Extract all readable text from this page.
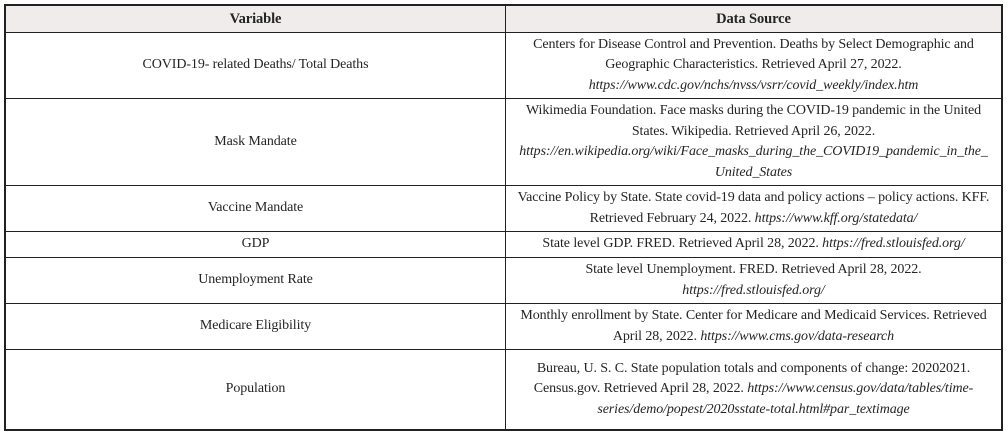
Variable	Data Source
COVID-19- related Deaths/ Total Deaths	Centers for Disease Control and Prevention. Deaths by Select Demographic and Geographic Characteristics. Retrieved April 27, 2022. https://www.cdc.gov/nchs/nvss/vsrr/covid_weekly/index.htm
Mask Mandate	Wikimedia Foundation. Face masks during the COVID-19 pandemic in the United States. Wikipedia. Retrieved April 26, 2022. https://en.wikipedia.org/wiki/Face_masks_during_the_COVID19_pandemic_in_the_United_States
Vaccine Mandate	Vaccine Policy by State. State covid-19 data and policy actions – policy actions. KFF. Retrieved February 24, 2022. https://www.kff.org/statedata/
GDP	State level GDP. FRED. Retrieved April 28, 2022. https://fred.stlouisfed.org/
Unemployment Rate	State level Unemployment. FRED. Retrieved April 28, 2022. https://fred.stlouisfed.org/
Medicare Eligibility	Monthly enrollment by State. Center for Medicare and Medicaid Services. Retrieved April 28, 2022. https://www.cms.gov/data-research
Population	Bureau, U. S. C. State population totals and components of change: 20202021. Census.gov. Retrieved April 28, 2022. https://www.census.gov/data/tables/time-series/demo/popest/2020sstate-total.html#par_textimage
